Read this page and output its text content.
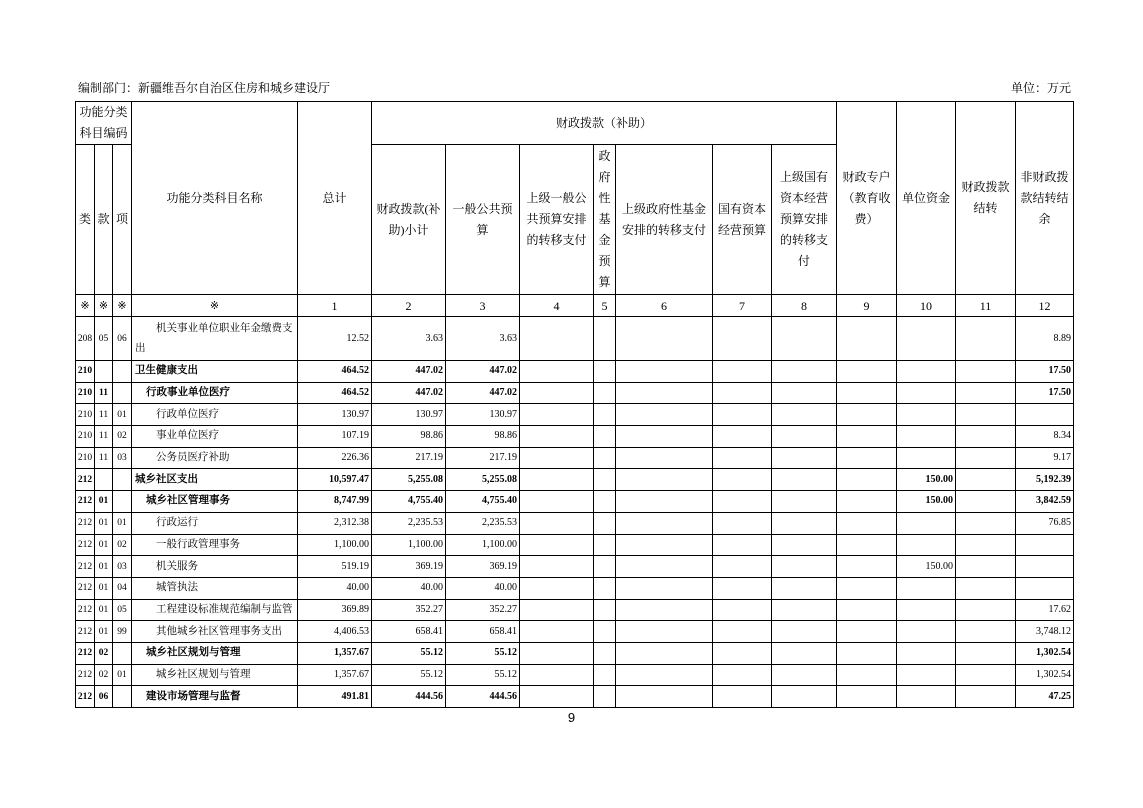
编制部门：新疆维吾尔自治区住房和城乡建设厅	单位：万元
功能分类科目编码			功能分类科目名称	总计	财政拨款（补助）							财政专户（教育收费）	单位资金	财政拨款结转	非财政拨款结转结余
类	款	项			财政拨款(补助)小计	一般公共预算	上级一般公共预算安排的转移支付	政府性基金预算	上级政府性基金安排的转移支付	国有资本经营预算	上级国有资本经营预算安排的转移支付				
※	※	※	※	1	2	3	4	5	6	7	8	9	10	11	12
208	05	06	机关事业单位职业年金缴费支出	12.52	3.63	3.63									8.89
210			卫生健康支出	464.52	447.02	447.02									17.50
210	11		行政事业单位医疗	464.52	447.02	447.02									17.50
210	11	01	行政单位医疗	130.97	130.97	130.97									
210	11	02	事业单位医疗	107.19	98.86	98.86									8.34
210	11	03	公务员医疗补助	226.36	217.19	217.19									9.17
212			城乡社区支出	10,597.47	5,255.08	5,255.08							150.00		5,192.39
212	01		城乡社区管理事务	8,747.99	4,755.40	4,755.40							150.00		3,842.59
212	01	01	行政运行	2,312.38	2,235.53	2,235.53									76.85
212	01	02	一般行政管理事务	1,100.00	1,100.00	1,100.00									
212	01	03	机关服务	519.19	369.19	369.19							150.00		
212	01	04	城管执法	40.00	40.00	40.00									
212	01	05	工程建设标准规范编制与监管	369.89	352.27	352.27									17.62
212	01	99	其他城乡社区管理事务支出	4,406.53	658.41	658.41									3,748.12
212	02		城乡社区规划与管理	1,357.67	55.12	55.12									1,302.54
212	02	01	城乡社区规划与管理	1,357.67	55.12	55.12									1,302.54
212	06		建设市场管理与监督	491.81	444.56	444.56									47.25
9
